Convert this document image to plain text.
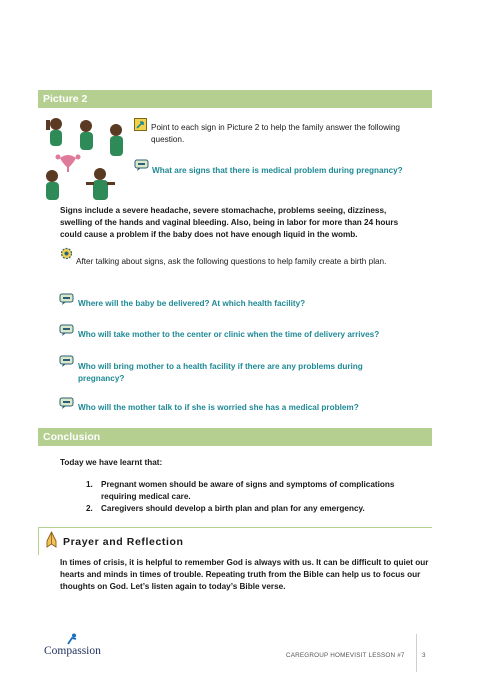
Picture 2
Point to each sign in Picture 2 to help the family answer the following question.
What are signs that there is medical problem during pregnancy?
Signs include a severe headache, severe stomachache, problems seeing, dizziness, swelling of the hands and vaginal bleeding. Also, being in labor for more than 24 hours could cause a problem if the baby does not have enough liquid in the womb.
After talking about signs, ask the following questions to help family create a birth plan.
Where will the baby be delivered? At which health facility?
Who will take mother to the center or clinic when the time of delivery arrives?
Who will bring mother to a health facility if there are any problems during pregnancy?
Who will the mother talk to if she is worried she has a medical problem?
Conclusion
Today we have learnt that:
1. Pregnant women should be aware of signs and symptoms of complications requiring medical care.
2. Caregivers should develop a birth plan and plan for any emergency.
Prayer and Reflection
In times of crisis, it is helpful to remember God is always with us. It can be difficult to quiet our hearts and minds in times of trouble. Repeating truth from the Bible can help us to focus our thoughts on God. Let’s listen again to today’s Bible verse.
Compassion	CAREGROUP HOMEVISIT LESSON #7	3
